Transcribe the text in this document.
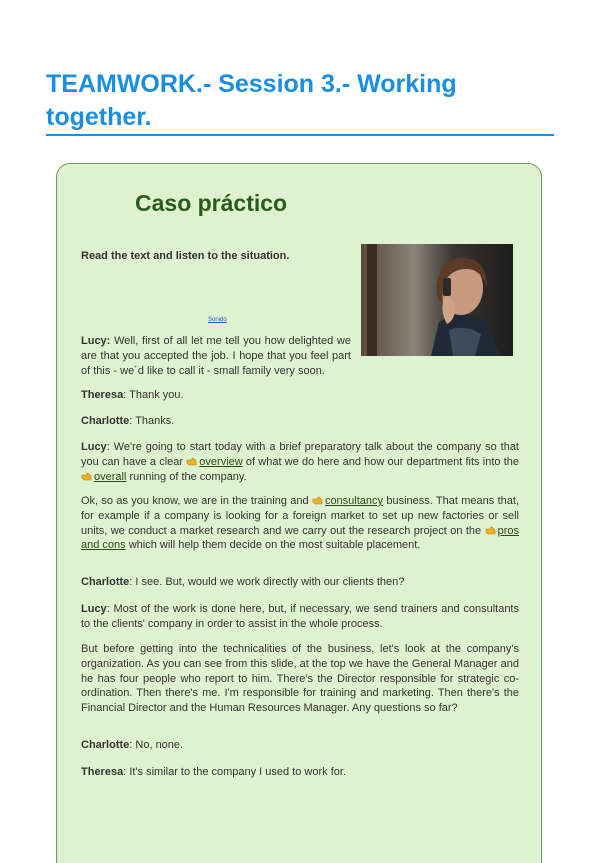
TEAMWORK.- Session 3.- Working
together.
Caso práctico

Read the text and listen to the situation.

Sonido

Lucy: Well, first of all let me tell you how delighted we are that you accepted the job. I hope that you feel part of this - we´d like to call it - small family very soon.

Theresa: Thank you.

Charlotte: Thanks.

Lucy: We're going to start today with a brief preparatory talk about the company so that you can have a clear overview of what we do here and how our department fits into the overall running of the company.

Ok, so as you know, we are in the training and consultancy business. That means that, for example if a company is looking for a foreign market to set up new factories or sell units, we conduct a market research and we carry out the research project on the pros and cons which will help them decide on the most suitable placement.

Charlotte: I see. But, would we work directly with our clients then?

Lucy: Most of the work is done here, but, if necessary, we send trainers and consultants to the clients' company in order to assist in the whole process.

But before getting into the technicalities of the business, let's look at the company's organization. As you can see from this slide, at the top we have the General Manager and he has four people who report to him. There's the Director responsible for strategic co-ordination. Then there's me. I'm responsible for training and marketing. Then there's the Financial Director and the Human Resources Manager. Any questions so far?

Charlotte: No, none.

Theresa: It's similar to the company I used to work for.
